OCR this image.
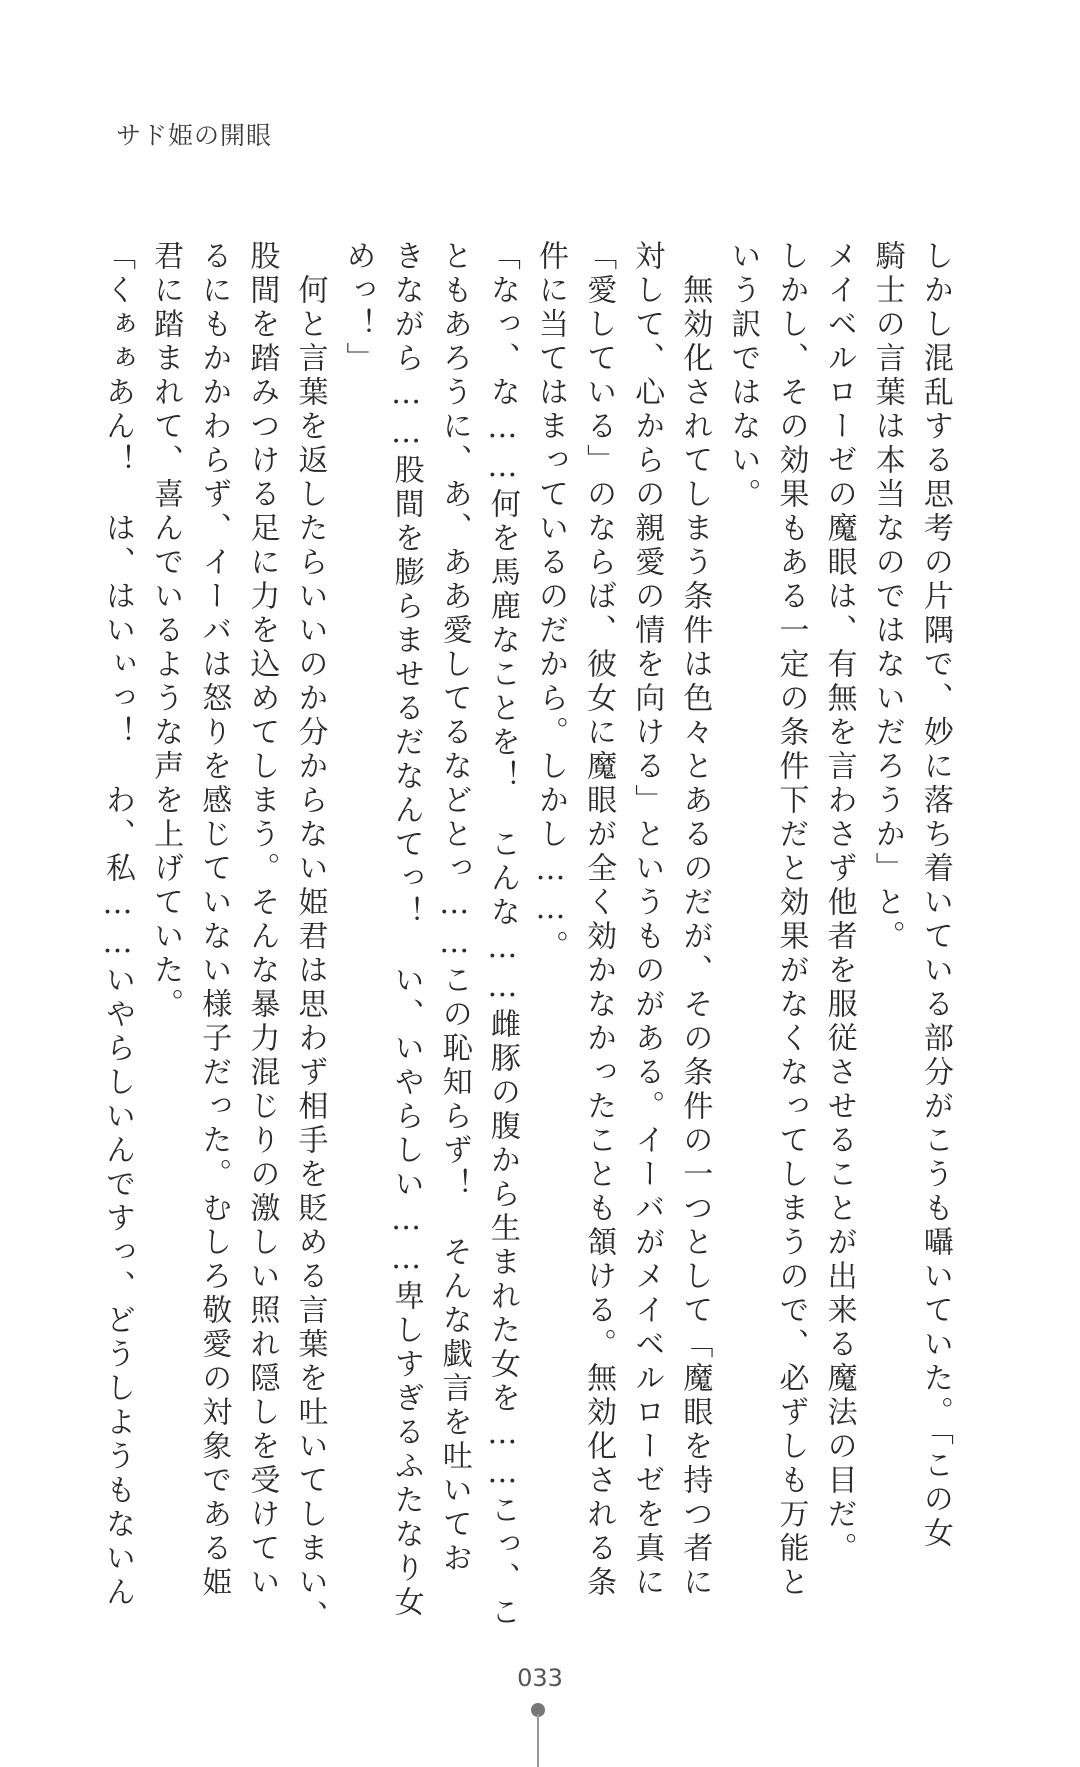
サド姫の開眼
しかし混乱する思考の片隅で、妙に落ち着いている部分がこうも囁いていた。「この女
騎士の言葉は本当なのではないだろうか」と。
メイベルローゼの魔眼は、有無を言わさず他者を服従させることが出来る魔法の目だ。
しかし、その効果もある一定の条件下だと効果がなくなってしまうので、必ずしも万能と
いう訳ではない。
　無効化されてしまう条件は色々とあるのだが、その条件の一つとして「魔眼を持つ者に
対して、心からの親愛の情を向ける」というものがある。イーバがメイベルローゼを真に
「愛している」のならば、彼女に魔眼が全く効かなかったことも頷ける。無効化される条
件に当てはまっているのだから。しかし……。
「なっ、な……何を馬鹿なことを！　こんな……雌豚の腹から生まれた女を……こっ、こ
ともあろうに、あ、ああ愛してるなどとっ……この恥知らず！　そんな戯言を吐いてお
きながら……股間を膨らませるだなんてっ！　い、いやらしい……卑しすぎるふたなり女
めっ！」
　何と言葉を返したらいいのか分からない姫君は思わず相手を貶める言葉を吐いてしまい、
股間を踏みつける足に力を込めてしまう。そんな暴力混じりの激しい照れ隠しを受けてい
るにもかかわらず、イーバは怒りを感じていない様子だった。むしろ敬愛の対象である姫
君に踏まれて、喜んでいるような声を上げていた。
「くぁぁあん！　は、はいぃっ！　わ、私……いやらしいんですっ、どうしようもないん
033
